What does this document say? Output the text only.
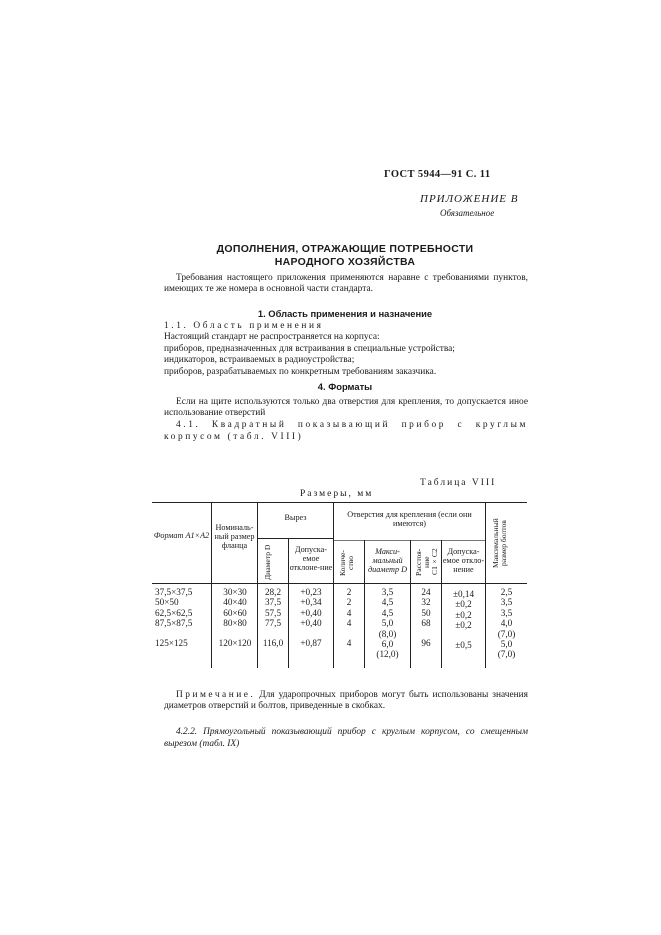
ГОСТ 5944—91 С. 11
ПРИЛОЖЕНИЕ В
Обязательное
ДОПОЛНЕНИЯ, ОТРАЖАЮЩИЕ ПОТРЕБНОСТИ
НАРОДНОГО ХОЗЯЙСТВА
Требования настоящего приложения применяются наравне с требованиями пунктов, имеющих те же номера в основной части стандарта.
1. Область применения и назначение
1.1. Область применения
Настоящий стандарт не распространяется на корпуса:
приборов, предназначенных для встраивания в специальные устройства;
индикаторов, встраиваемых в радиоустройства;
приборов, разрабатываемых по конкретным требованиям заказчика.
4. Форматы
Если на щите используются только два отверстия для крепления, то допускается иное использование отверстий
4.1. Квадратный показывающий прибор с круглым корпусом (табл. VIII)
Таблица VIII
Размеры, мм
Формат A1×A2
Номиналь-ный размер фланца
Вырез
Диаметр D	Допуска-емое отклоне-ние
Отверстия для крепления (если они имеются)
Количе-ство
Макси-мальный диаметр D Расстоя-ние C1×C2	Допуска-емое откло-нение
Максимальный размер болтов
37,5×37,5
50×50
62,5×62,5
87,5×87,5
125×125
30×30
40×40
60×60
80×80
120×120
28,2
37,5
57,5
77,5
116,0
+0,23
+0,34
+0,40
+0,40
+0,87
2
2
4
4
4
3,5
4,5
4,5
5,0
(8,0)
6,0
(12,0)
24
32
50
68
96
±0,14
±0,2
±0,2
±0,2
±0,5
2,5
3,5
3,5
4,0
(7,0)
5,0
(7,0)
Примечание. Для ударопрочных приборов могут быть использованы значения диаметров отверстий и болтов, приведенные в скобках.
4.2.2. Прямоугольный показывающий прибор с круглым корпусом, со смещенным вырезом (табл. IX)
